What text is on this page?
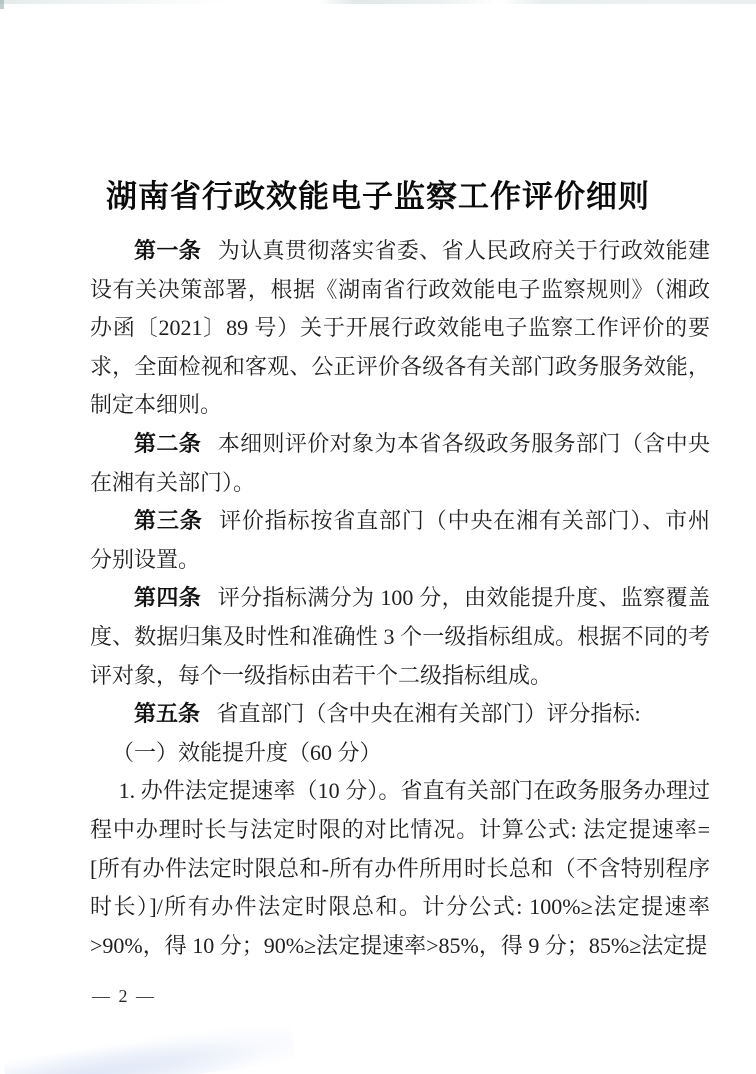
湖南省行政效能电子监察工作评价细则

第一条 为认真贯彻落实省委、省人民政府关于行政效能建设有关决策部署，根据《湖南省行政效能电子监察规则》（湘政办函〔2021〕89 号）关于开展行政效能电子监察工作评价的要求，全面检视和客观、公正评价各级各有关部门政务服务效能，制定本细则。

第二条 本细则评价对象为本省各级政务服务部门（含中央在湘有关部门）。

第三条 评价指标按省直部门（中央在湘有关部门）、市州分别设置。

第四条 评分指标满分为 100 分，由效能提升度、监察覆盖度、数据归集及时性和准确性 3 个一级指标组成。根据不同的考评对象，每个一级指标由若干个二级指标组成。

第五条 省直部门（含中央在湘有关部门）评分指标:

（一）效能提升度（60 分）

1. 办件法定提速率（10 分）。省直有关部门在政务服务办理过程中办理时长与法定时限的对比情况。计算公式: 法定提速率=[所有办件法定时限总和-所有办件所用时长总和（不含特别程序时长）]/所有办件法定时限总和。计分公式: 100%≥法定提速率>90%，得 10 分；90%≥法定提速率>85%，得 9 分；85%≥法定提

— 2 —
